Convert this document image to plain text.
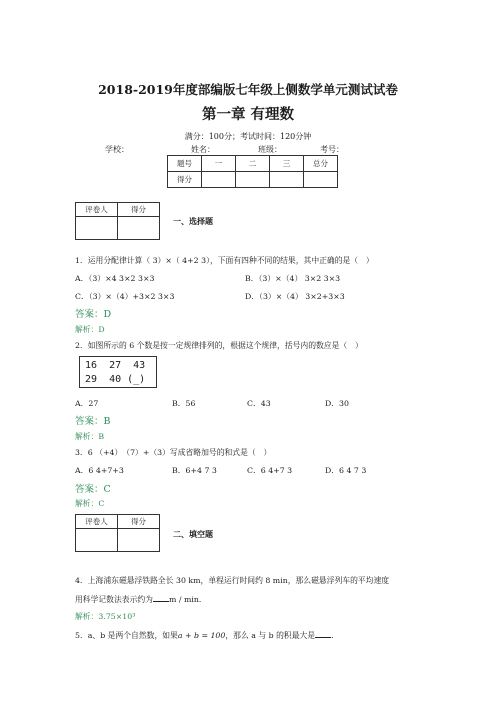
2018-2019年度部编版七年级上侧数学单元测试试卷
第一章 有理数
满分：100分；考试时间：120分钟
学校：	姓名：	班级：	考号：
题号	一	二	三	总分
得分				
评卷人	得分

一、选择题
1．运用分配律计算（ 3）×（ 4+2 3），下面有四种不同的结果，其中正确的是（　）
A．（3）×4 3×2 3×3	B．（3）×（4） 3×2 3×3
C．（3）×（4）+3×2 3×3	D．（3）×（4） 3×2+3×3
答案：D
解析：D
2．如图所示的 6 个数是按一定规律排列的，根据这个规律，括号内的数应是（　）
16  27  43
29  40 (_)
A．27	B．56	C．43	D．30
答案：B
解析：B
3．6 （+4）　（7）+（3）写成省略加号的和式是（　）
A．6 4+7+3	B．6+4 7 3	C．6 4+7 3	D．6 4 7 3
答案：C
解析：C
评卷人	得分

二、填空题
4．上海浦东磁悬浮铁路全长 30 km，单程运行时间约 8 min，那么磁悬浮列车的平均速度
用科学记数法表示约为 m / min．
解析：3.75×10³
5．a、b 是两个自然数，如果a + b = 100，那么 a 与 b 的积最大是 ．
